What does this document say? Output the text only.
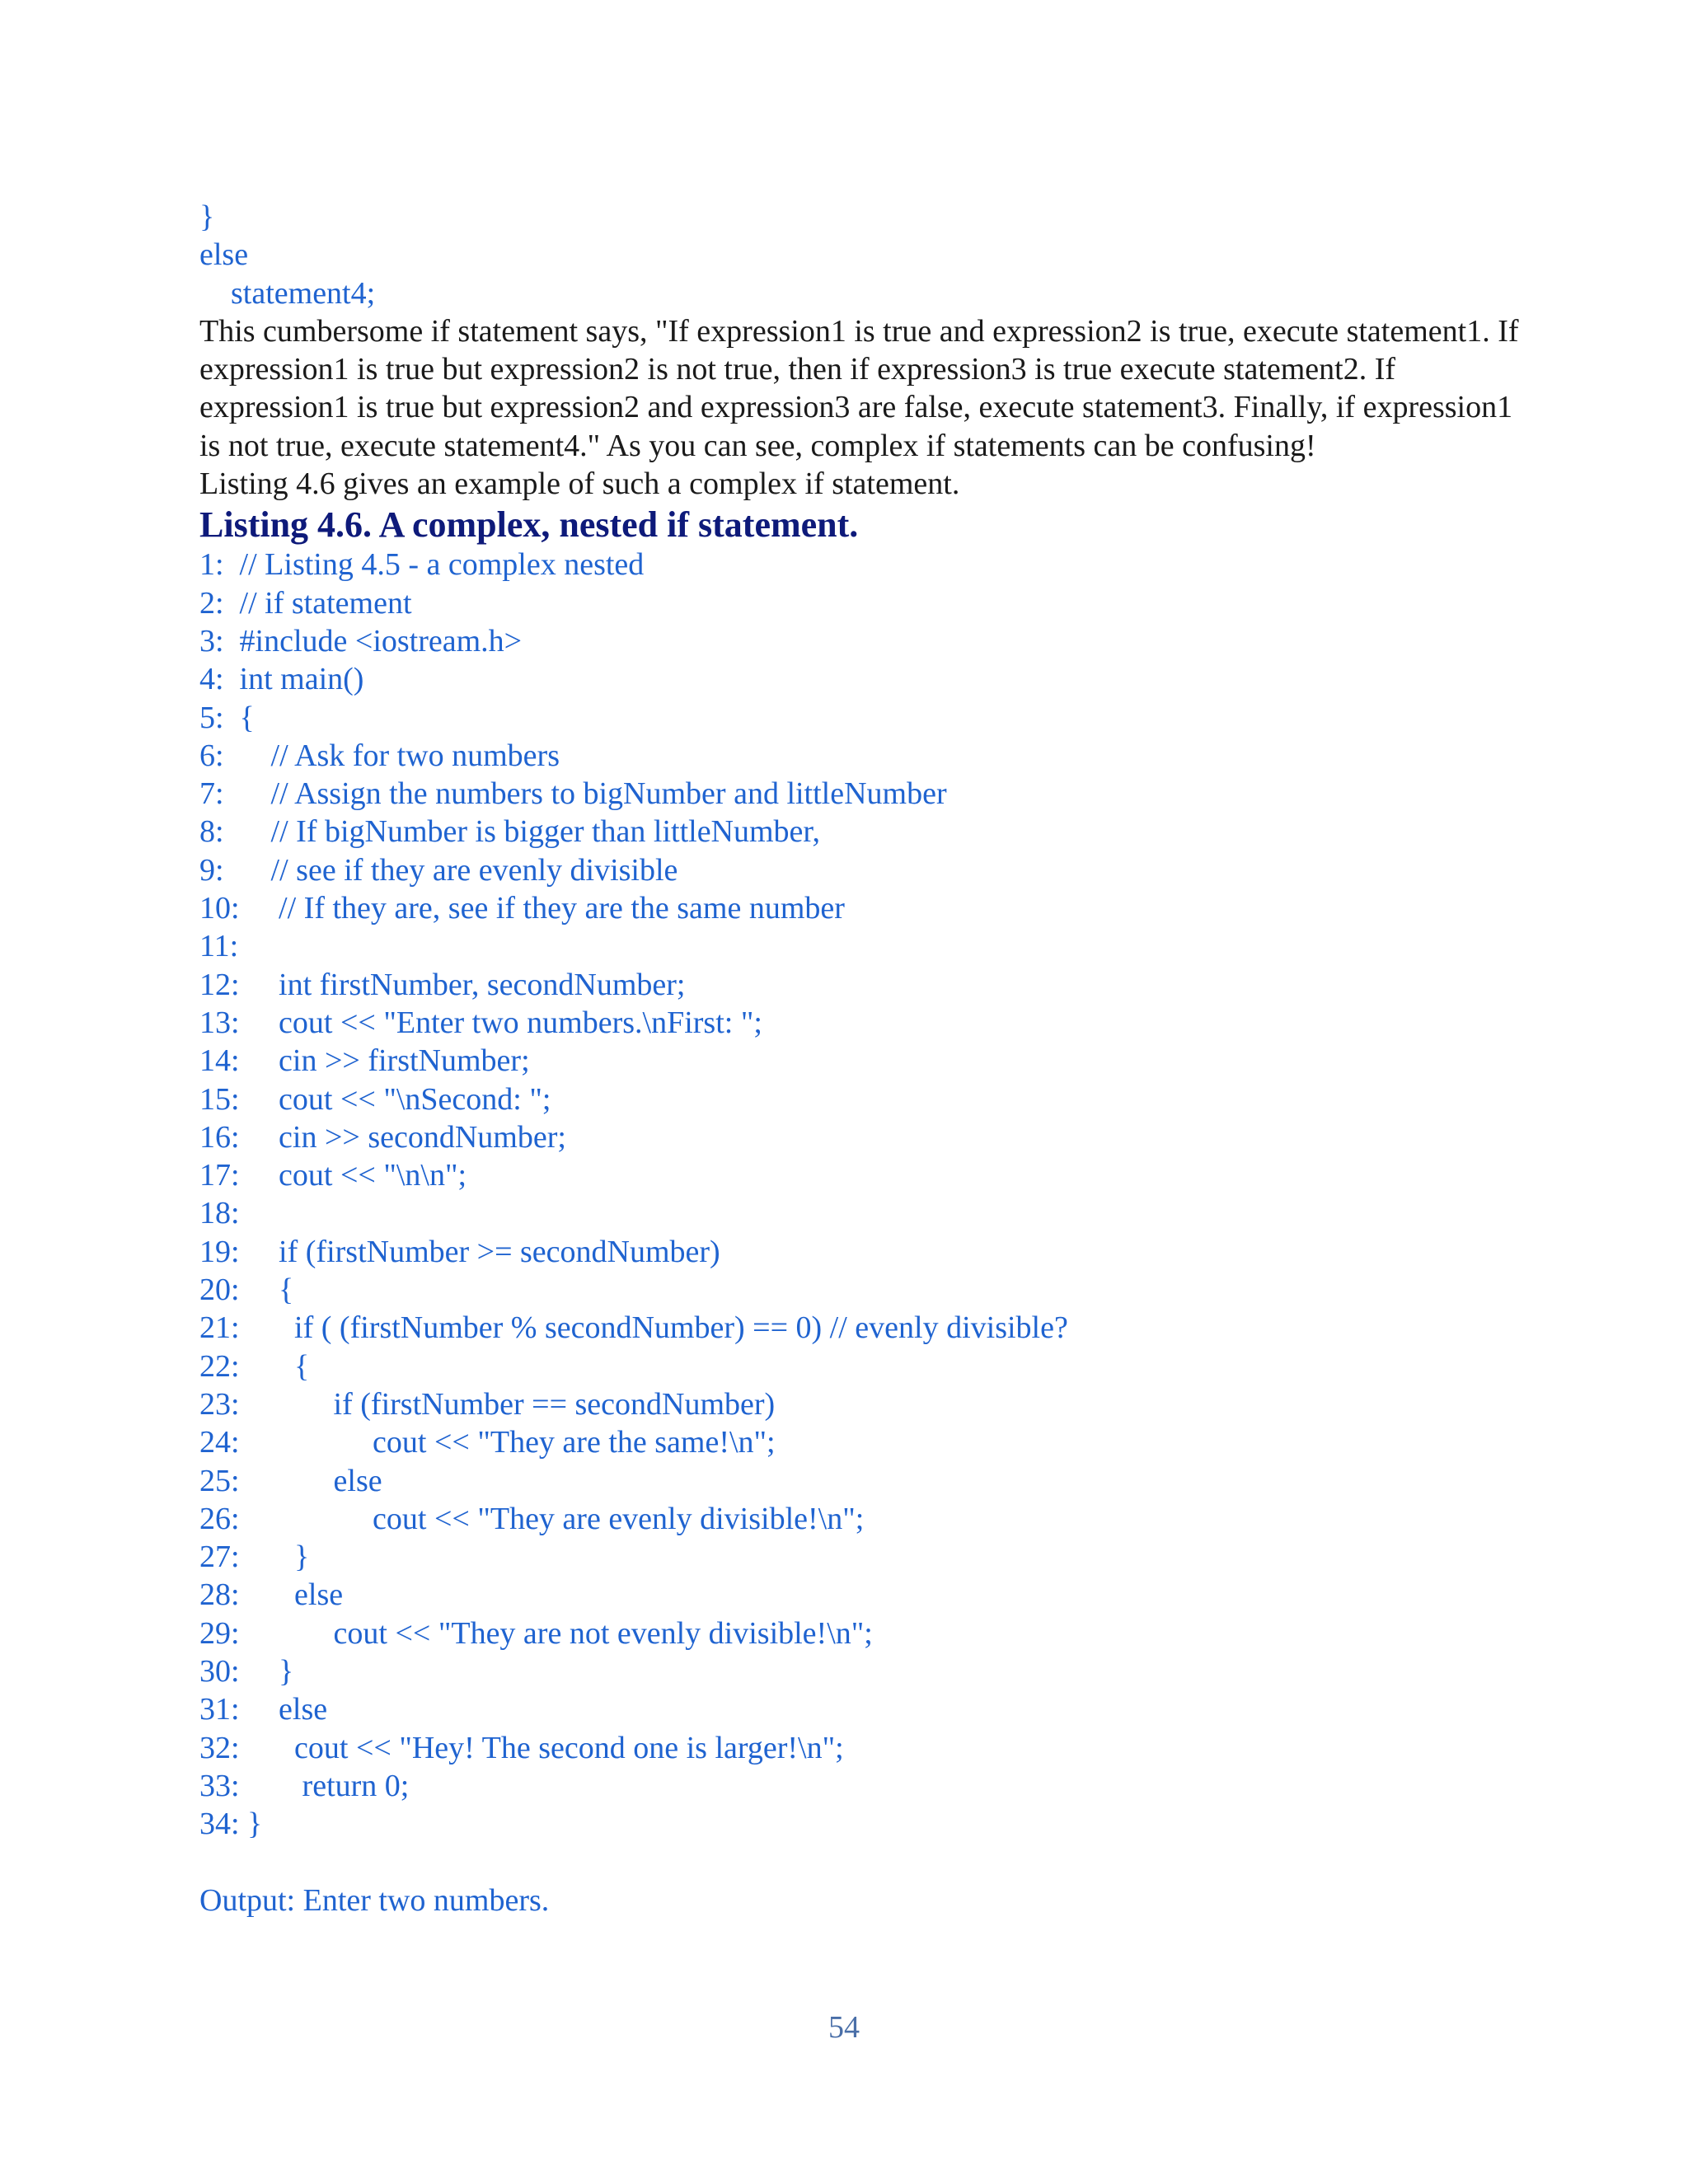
}
else
statement4;

This cumbersome if statement says, "If expression1 is true and expression2 is true, execute statement1. If expression1 is true but expression2 is not true, then if expression3 is true execute statement2. If expression1 is true but expression2 and expression3 are false, execute statement3. Finally, if expression1 is not true, execute statement4." As you can see, complex if statements can be confusing!

Listing 4.6 gives an example of such a complex if statement.

Listing 4.6. A complex, nested if statement.
1:  // Listing 4.5 - a complex nested
2:  // if statement
3:  #include <iostream.h>
4:  int main()
5:  {
6:      // Ask for two numbers
7:      // Assign the numbers to bigNumber and littleNumber
8:      // If bigNumber is bigger than littleNumber,
9:      // see if they are evenly divisible
10:     // If they are, see if they are the same number
11:
12:     int firstNumber, secondNumber;
13:     cout << "Enter two numbers.\nFirst: ";
14:     cin >> firstNumber;
15:     cout << "\nSecond: ";
16:     cin >> secondNumber;
17:     cout << "\n\n";
18:
19:     if (firstNumber >= secondNumber)
20:     {
21:       if ( (firstNumber % secondNumber) == 0) // evenly divisible?
22:       {
23:            if (firstNumber == secondNumber)
24:                 cout << "They are the same!\n";
25:            else
26:                 cout << "They are evenly divisible!\n";
27:       }
28:       else
29:            cout << "They are not evenly divisible!\n";
30:     }
31:     else
32:       cout << "Hey! The second one is larger!\n";
33:        return 0;
34: }
Output: Enter two numbers.
54
